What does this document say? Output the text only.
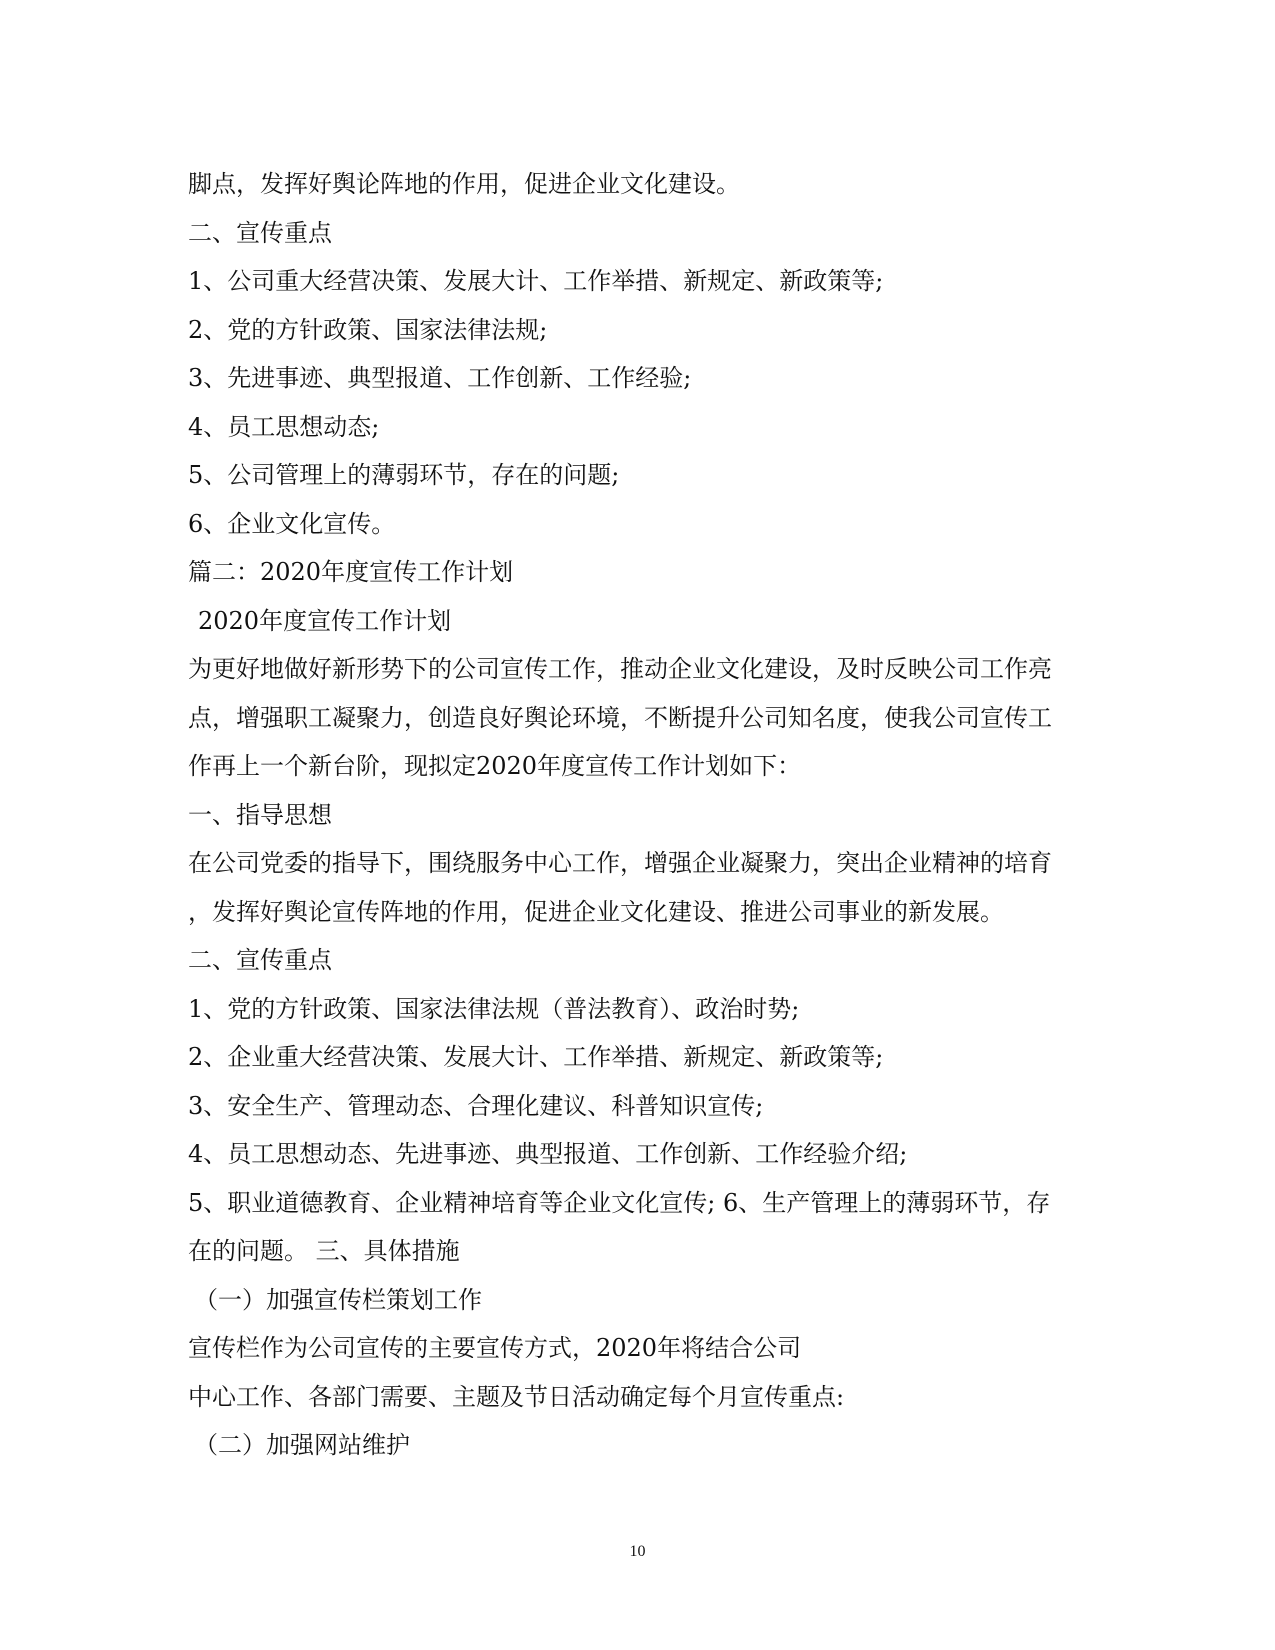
脚点，发挥好舆论阵地的作用，促进企业文化建设。
二、宣传重点
1、公司重大经营决策、发展大计、工作举措、新规定、新政策等;
2、党的方针政策、国家法律法规;
3、先进事迹、典型报道、工作创新、工作经验;
4、员工思想动态;
5、公司管理上的薄弱环节，存在的问题;
6、企业文化宣传。
篇二：2020年度宣传工作计划
2020年度宣传工作计划
为更好地做好新形势下的公司宣传工作，推动企业文化建设，及时反映公司工作亮
点，增强职工凝聚力，创造良好舆论环境，不断提升公司知名度，使我公司宣传工
作再上一个新台阶，现拟定2020年度宣传工作计划如下：
一、指导思想
在公司党委的指导下，围绕服务中心工作，增强企业凝聚力，突出企业精神的培育
，发挥好舆论宣传阵地的作用，促进企业文化建设、推进公司事业的新发展。
二、宣传重点
1、党的方针政策、国家法律法规（普法教育）、政治时势;
2、企业重大经营决策、发展大计、工作举措、新规定、新政策等;
3、安全生产、管理动态、合理化建议、科普知识宣传;
4、员工思想动态、先进事迹、典型报道、工作创新、工作经验介绍;
5、职业道德教育、企业精神培育等企业文化宣传; 6、生产管理上的薄弱环节，存
在的问题。 三、具体措施
（一）加强宣传栏策划工作
宣传栏作为公司宣传的主要宣传方式，2020年将结合公司
中心工作、各部门需要、主题及节日活动确定每个月宣传重点:
（二）加强网站维护
10
